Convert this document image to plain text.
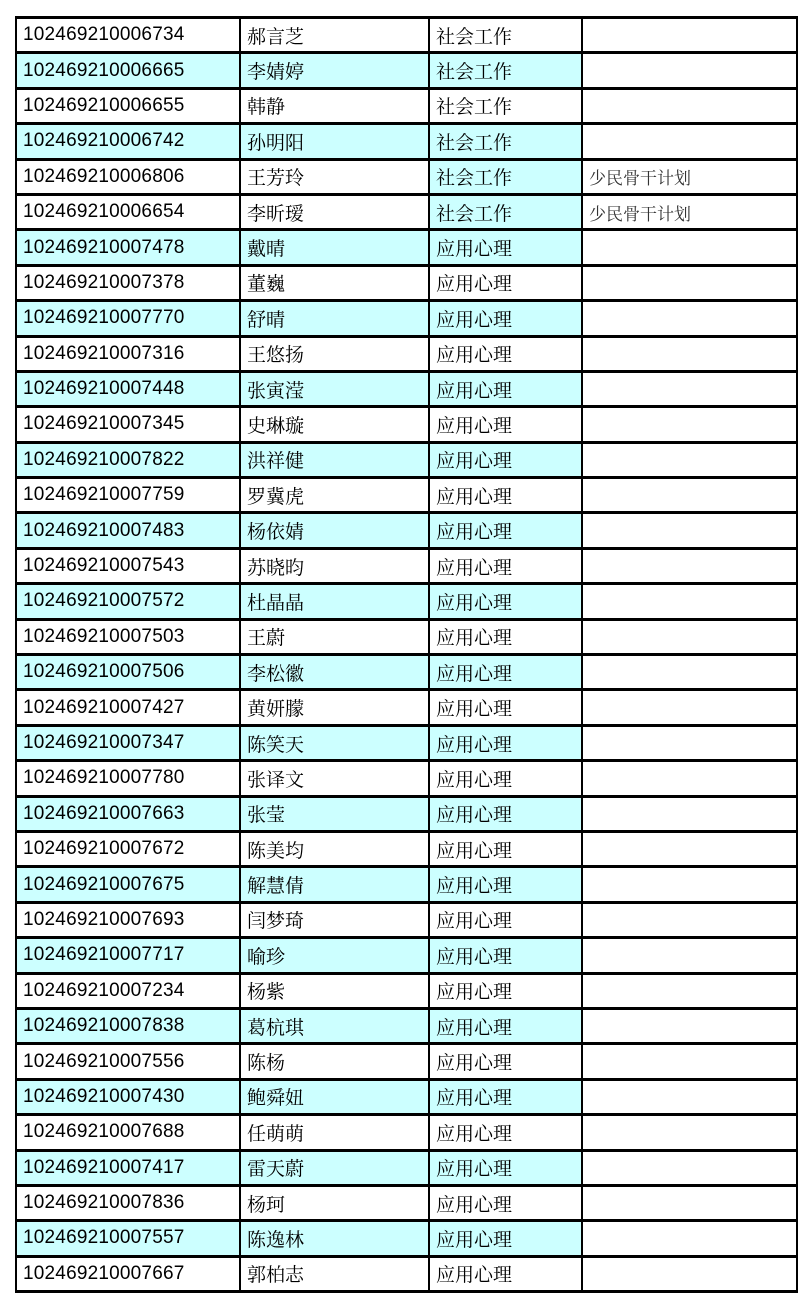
102469210006734	郝言芝	社会工作	
102469210006665	李婧婷	社会工作	
102469210006655	韩静	社会工作	
102469210006742	孙明阳	社会工作	
102469210006806	王芳玲	社会工作	少民骨干计划
102469210006654	李昕瑷	社会工作	少民骨干计划
102469210007478	戴晴	应用心理	
102469210007378	董巍	应用心理	
102469210007770	舒晴	应用心理	
102469210007316	王悠扬	应用心理	
102469210007448	张寅滢	应用心理	
102469210007345	史琳璇	应用心理	
102469210007822	洪祥健	应用心理	
102469210007759	罗冀虎	应用心理	
102469210007483	杨依婧	应用心理	
102469210007543	苏晓昀	应用心理	
102469210007572	杜晶晶	应用心理	
102469210007503	王蔚	应用心理	
102469210007506	李松徽	应用心理	
102469210007427	黄妍朦	应用心理	
102469210007347	陈笑天	应用心理	
102469210007780	张译文	应用心理	
102469210007663	张莹	应用心理	
102469210007672	陈美均	应用心理	
102469210007675	解慧倩	应用心理	
102469210007693	闫梦琦	应用心理	
102469210007717	喻珍	应用心理	
102469210007234	杨紫	应用心理	
102469210007838	葛杭琪	应用心理	
102469210007556	陈杨	应用心理	
102469210007430	鲍舜妞	应用心理	
102469210007688	任萌萌	应用心理	
102469210007417	雷天蔚	应用心理	
102469210007836	杨珂	应用心理	
102469210007557	陈逸林	应用心理	
102469210007667	郭柏志	应用心理	
